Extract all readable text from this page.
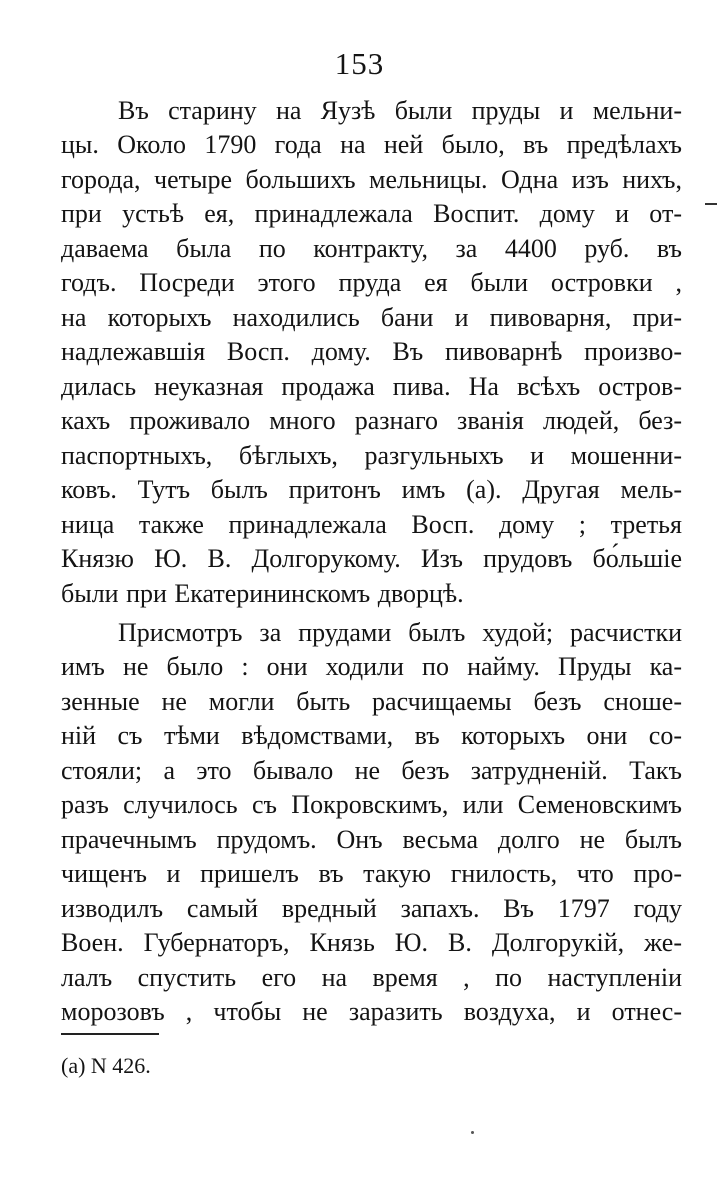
153
Въ старину на Яузѣ были пруды и мельни-
цы. Около 1790 года на ней было, въ предѣлахъ
города, четыре большихъ мельницы. Одна изъ нихъ,
при устьѣ ея, принадлежала Воспит. дому и от-
даваема была по контракту, за 4400 руб. въ
годъ. Посреди этого пруда ея были островки ,
на которыхъ находились бани и пивоварня, при-
надлежавшія Восп. дому. Въ пивоварнѣ произво-
дилась неуказная продажа пива. На всѣхъ остров-
кахъ проживало много разнаго званія людей, без-
паспортныхъ, бѣглыхъ, разгульныхъ и мошенни-
ковъ. Тутъ былъ притонъ имъ (а). Другая мель-
ница также принадлежала Восп. дому ; третья
Князю Ю. В. Долгорукому. Изъ прудовъ бо́льшіе
были при Екатерининскомъ дворцѣ.
Присмотръ за прудами былъ худой; расчистки
имъ не было : они ходили по найму. Пруды ка-
зенные не могли быть расчищаемы безъ сноше-
ній съ тѣми вѣдомствами, въ которыхъ они со-
стояли; а это бывало не безъ затрудненій. Такъ
разъ случилось съ Покровскимъ, или Семеновскимъ
прачечнымъ прудомъ. Онъ весьма долго не былъ
чищенъ и пришелъ въ такую гнилость, что про-
изводилъ самый вредный запахъ. Въ 1797 году
Воен. Губернаторъ, Князь Ю. В. Долгорукій, же-
лалъ спустить его на время , по наступленіи
морозовъ , чтобы не заразить воздуха, и отнес-
(а) N 426.
